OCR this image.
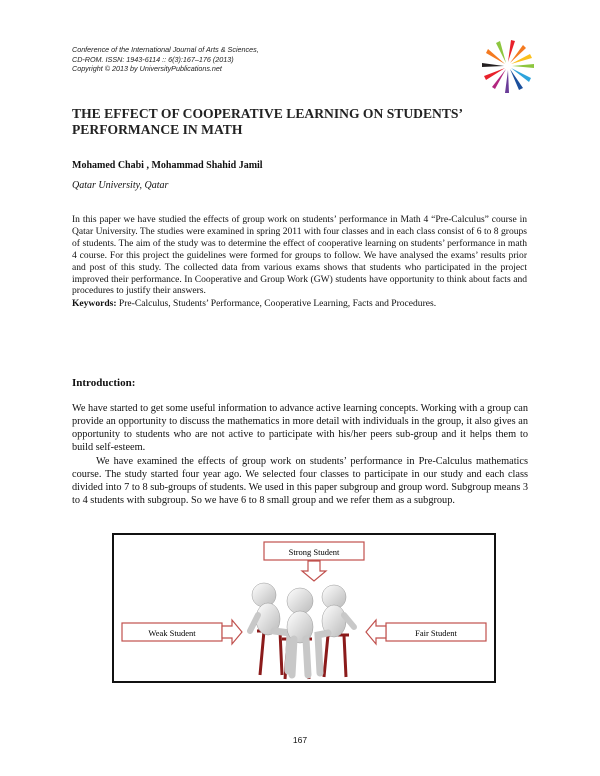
Conference of the International Journal of Arts & Sciences,
CD-ROM. ISSN: 1943-6114 :: 6(3):167–176 (2013)
Copyright © 2013 by UniversityPublications.net
THE EFFECT OF COOPERATIVE LEARNING ON STUDENTS’
PERFORMANCE IN MATH
Mohamed Chabi , Mohammad Shahid Jamil
Qatar University, Qatar

In this paper we have studied the effects of group work on students’ performance in Math 4 “Pre-Calculus” course in Qatar University. The studies were examined in spring 2011 with four classes and in each class consist of 6 to 8 groups of students. The aim of the study was to determine the effect of cooperative learning on students’ performance in math 4 course. For this project the guidelines were formed for groups to follow. We have analysed the exams’ results prior and post of this study. The collected data from various exams shows that students who participated in the project improved their performance. In Cooperative and Group Work (GW) students have opportunity to think about facts and procedures to justify their answers.

Keywords: Pre-Calculus, Students’ Performance, Cooperative Learning, Facts and Procedures.

Introduction:

We have started to get some useful information to advance active learning concepts. Working with a group can provide an opportunity to discuss the mathematics in more detail with individuals in the group, it also gives an opportunity to students who are not active to participate with his/her peers sub-group and it helps them to build self-esteem.

We have examined the effects of group work on students’ performance in Pre-Calculus mathematics course. The study started four year ago. We selected four classes to participate in our study and each class divided into 7 to 8 sub-groups of students. We used in this paper subgroup and group word. Subgroup means 3 to 4 students with subgroup. So we have 6 to 8 small group and we refer them as a subgroup.

Strong Student
Weak Student	Fair Student
167
